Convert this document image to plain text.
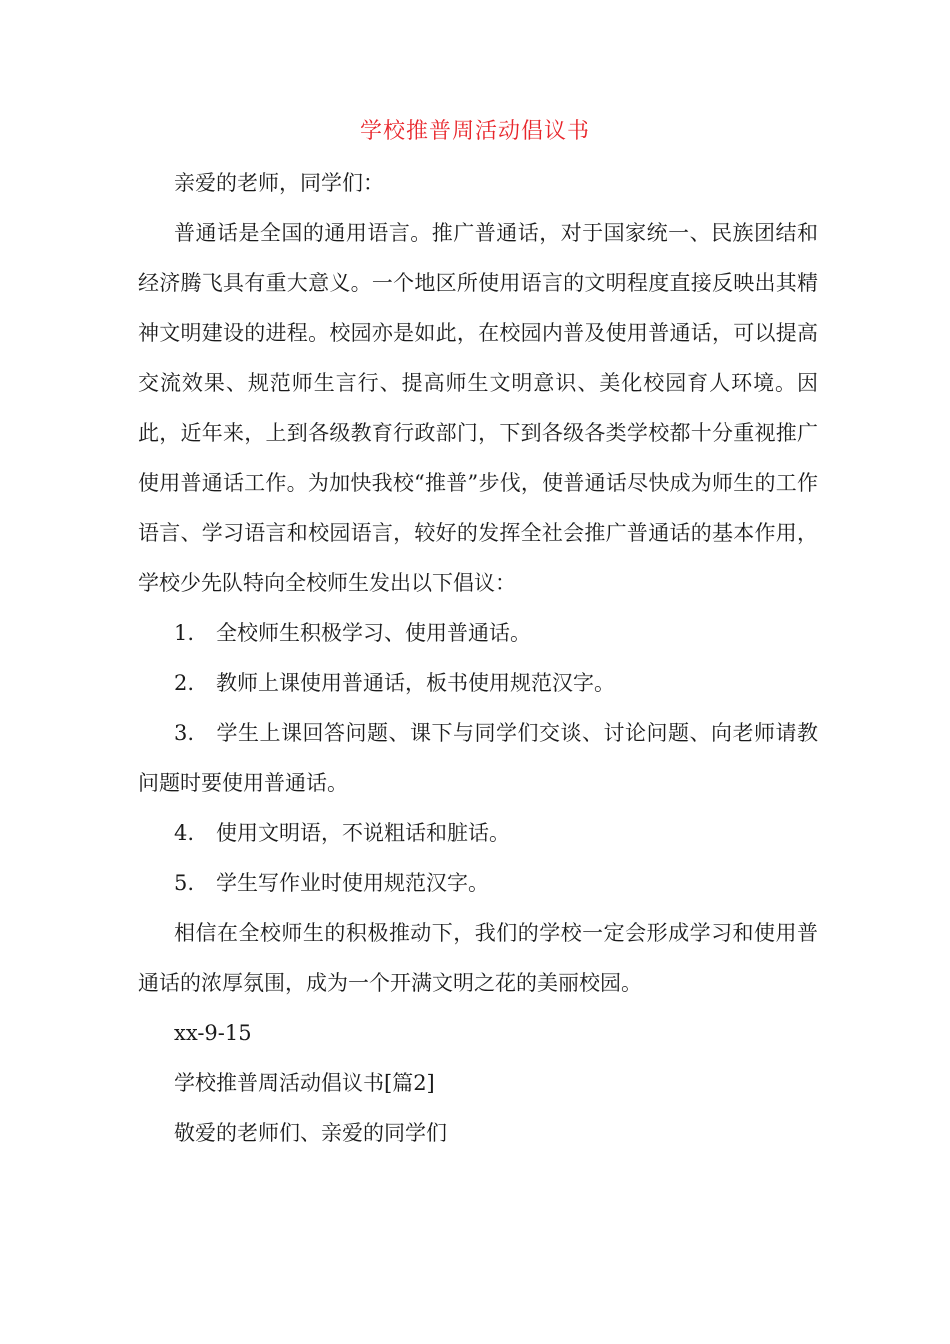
学校推普周活动倡议书

亲爱的老师，同学们：

普通话是全国的通用语言。推广普通话，对于国家统一、民族团结和经济腾飞具有重大意义。一个地区所使用语言的文明程度直接反映出其精神文明建设的进程。校园亦是如此，在校园内普及使用普通话，可以提高交流效果、规范师生言行、提高师生文明意识、美化校园育人环境。因此，近年来，上到各级教育行政部门，下到各级各类学校都十分重视推广使用普通话工作。为加快我校“推普”步伐，使普通话尽快成为师生的工作语言、学习语言和校园语言，较好的发挥全社会推广普通话的基本作用，学校少先队特向全校师生发出以下倡议：

1. 全校师生积极学习、使用普通话。

2. 教师上课使用普通话，板书使用规范汉字。

3. 学生上课回答问题、课下与同学们交谈、讨论问题、向老师请教问题时要使用普通话。

4. 使用文明语，不说粗话和脏话。

5. 学生写作业时使用规范汉字。

相信在全校师生的积极推动下，我们的学校一定会形成学习和使用普通话的浓厚氛围，成为一个开满文明之花的美丽校园。

xx-9-15

学校推普周活动倡议书[篇2]

敬爱的老师们、亲爱的同学们
